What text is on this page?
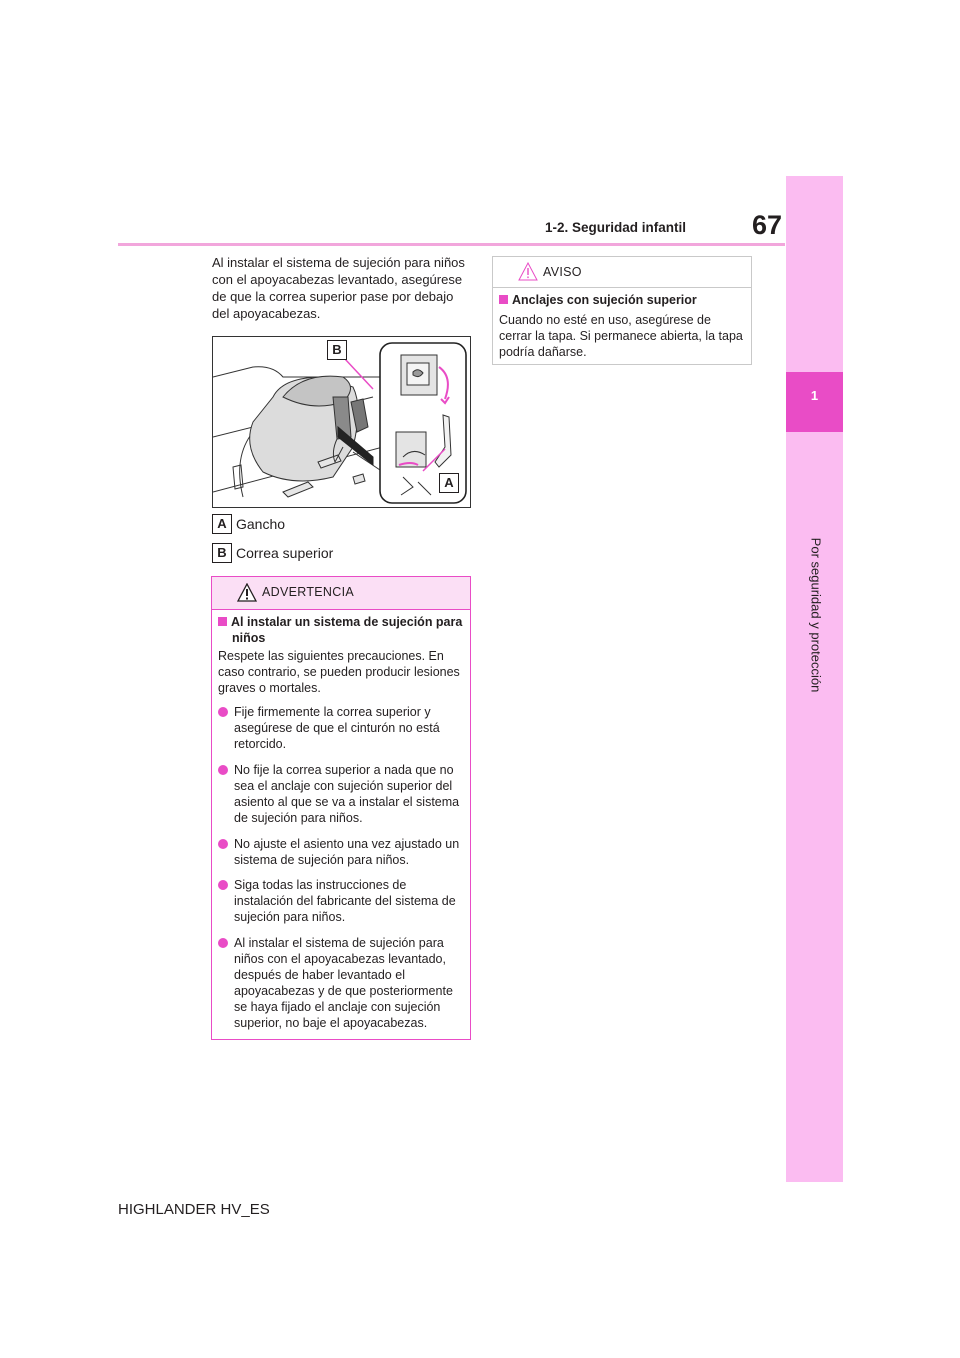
67
1-2. Seguridad infantil
1
Por seguridad y protección
Al instalar el sistema de sujeción para niños con el apoyacabezas levantado, asegúrese de que la correa superior pase por debajo del apoyacabezas.
B
A
A Gancho
B Correa superior
ADVERTENCIA
Al instalar un sistema de sujeción para niños
Respete las siguientes precauciones. En caso contrario, se pueden producir lesiones graves o mortales.
Fije firmemente la correa superior y asegúrese de que el cinturón no está retorcido.
No fije la correa superior a nada que no sea el anclaje con sujeción superior del asiento al que se va a instalar el sistema de sujeción para niños.
No ajuste el asiento una vez ajustado un sistema de sujeción para niños.
Siga todas las instrucciones de instalación del fabricante del sistema de sujeción para niños.
Al instalar el sistema de sujeción para niños con el apoyacabezas levantado, después de haber levantado el apoyacabezas y de que posteriormente se haya fijado el anclaje con sujeción superior, no baje el apoyacabezas.
AVISO
Anclajes con sujeción superior
Cuando no esté en uso, asegúrese de cerrar la tapa. Si permanece abierta, la tapa podría dañarse.
HIGHLANDER HV_ES
